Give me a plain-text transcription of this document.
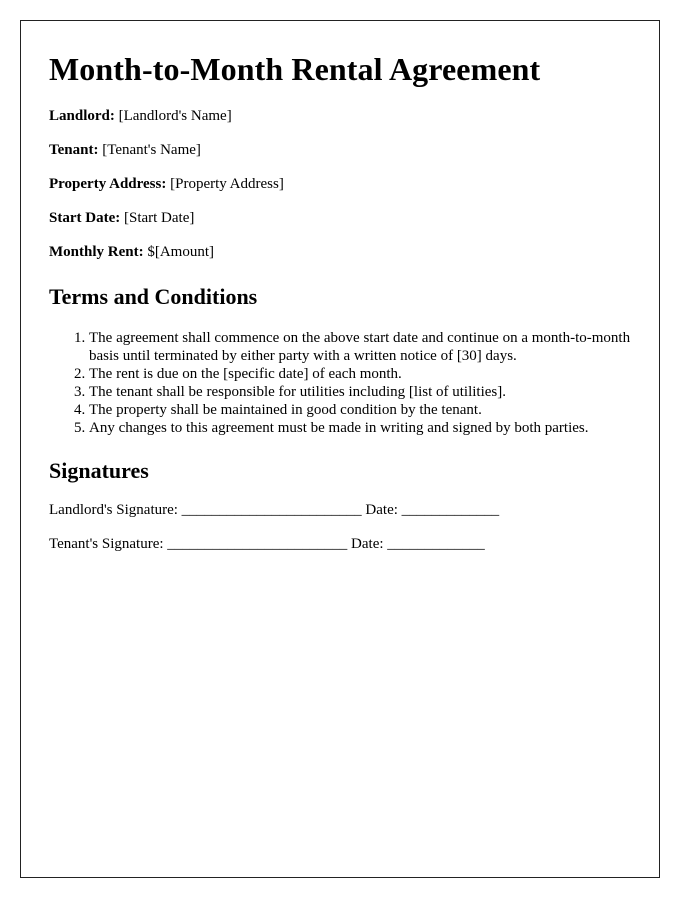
Month-to-Month Rental Agreement
Landlord: [Landlord's Name]
Tenant: [Tenant's Name]
Property Address: [Property Address]
Start Date: [Start Date]
Monthly Rent: $[Amount]
Terms and Conditions
1. The agreement shall commence on the above start date and continue on a month-to-month basis until terminated by either party with a written notice of [30] days.
2. The rent is due on the [specific date] of each month.
3. The tenant shall be responsible for utilities including [list of utilities].
4. The property shall be maintained in good condition by the tenant.
5. Any changes to this agreement must be made in writing and signed by both parties.
Signatures
Landlord's Signature: ________________________ Date: _____________
Tenant's Signature: ________________________ Date: _____________
